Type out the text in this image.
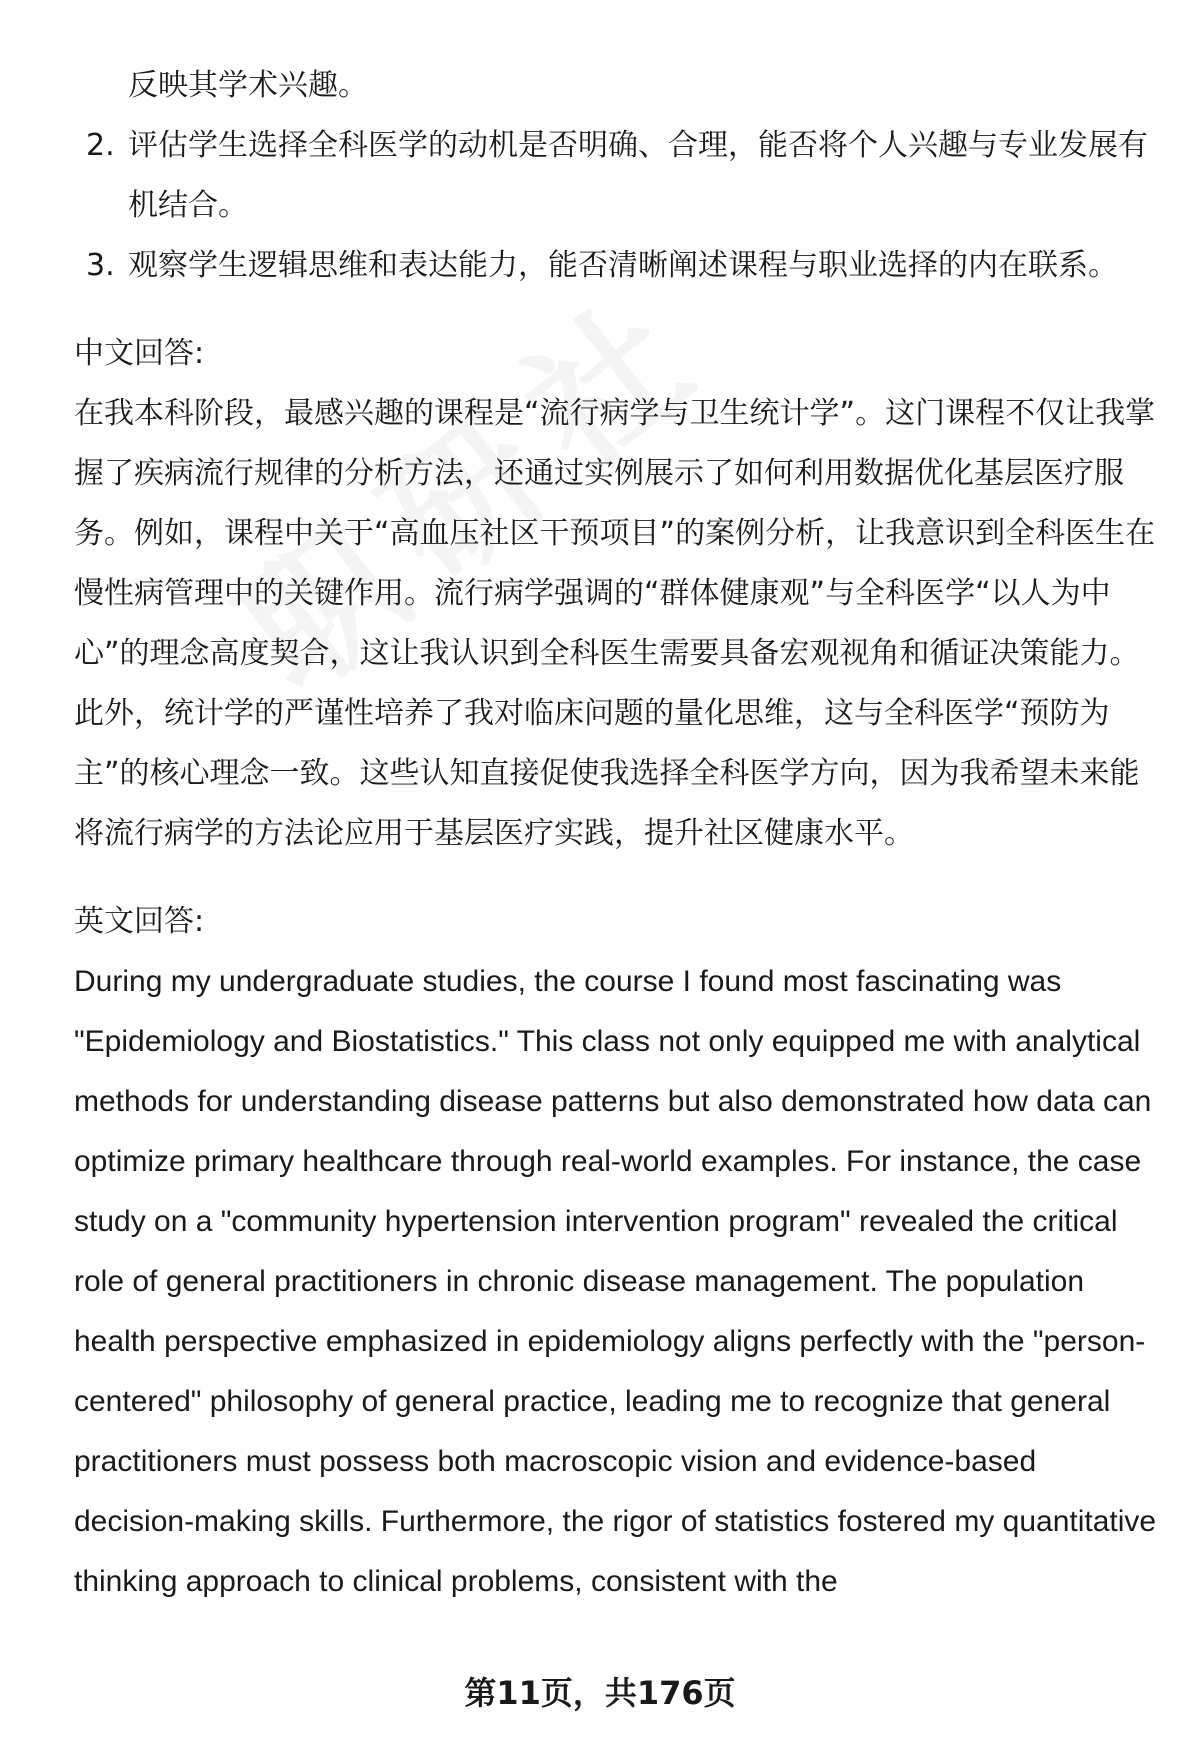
反映其学术兴趣。

2. 评估学生选择全科医学的动机是否明确、合理，能否将个人兴趣与专业发展有机结合。
3. 观察学生逻辑思维和表达能力，能否清晰阐述课程与职业选择的内在联系。

中文回答:

在我本科阶段，最感兴趣的课程是“流行病学与卫生统计学”。这门课程不仅让我掌握了疾病流行规律的分析方法，还通过实例展示了如何利用数据优化基层医疗服务。例如，课程中关于“高血压社区干预项目”的案例分析，让我意识到全科医生在慢性病管理中的关键作用。流行病学强调的“群体健康观”与全科医学“以人为中心”的理念高度契合，这让我认识到全科医生需要具备宏观视角和循证决策能力。此外，统计学的严谨性培养了我对临床问题的量化思维，这与全科医学“预防为主”的核心理念一致。这些认知直接促使我选择全科医学方向，因为我希望未来能将流行病学的方法论应用于基层医疗实践，提升社区健康水平。

英文回答:

During my undergraduate studies, the course I found most fascinating was "Epidemiology and Biostatistics." This class not only equipped me with analytical methods for understanding disease patterns but also demonstrated how data can optimize primary healthcare through real-world examples. For instance, the case study on a "community hypertension intervention program" revealed the critical role of general practitioners in chronic disease management. The population health perspective emphasized in epidemiology aligns perfectly with the "person-centered" philosophy of general practice, leading me to recognize that general practitioners must possess both macroscopic vision and evidence-based decision-making skills. Furthermore, the rigor of statistics fostered my quantitative thinking approach to clinical problems, consistent with the

第11页，共176页
